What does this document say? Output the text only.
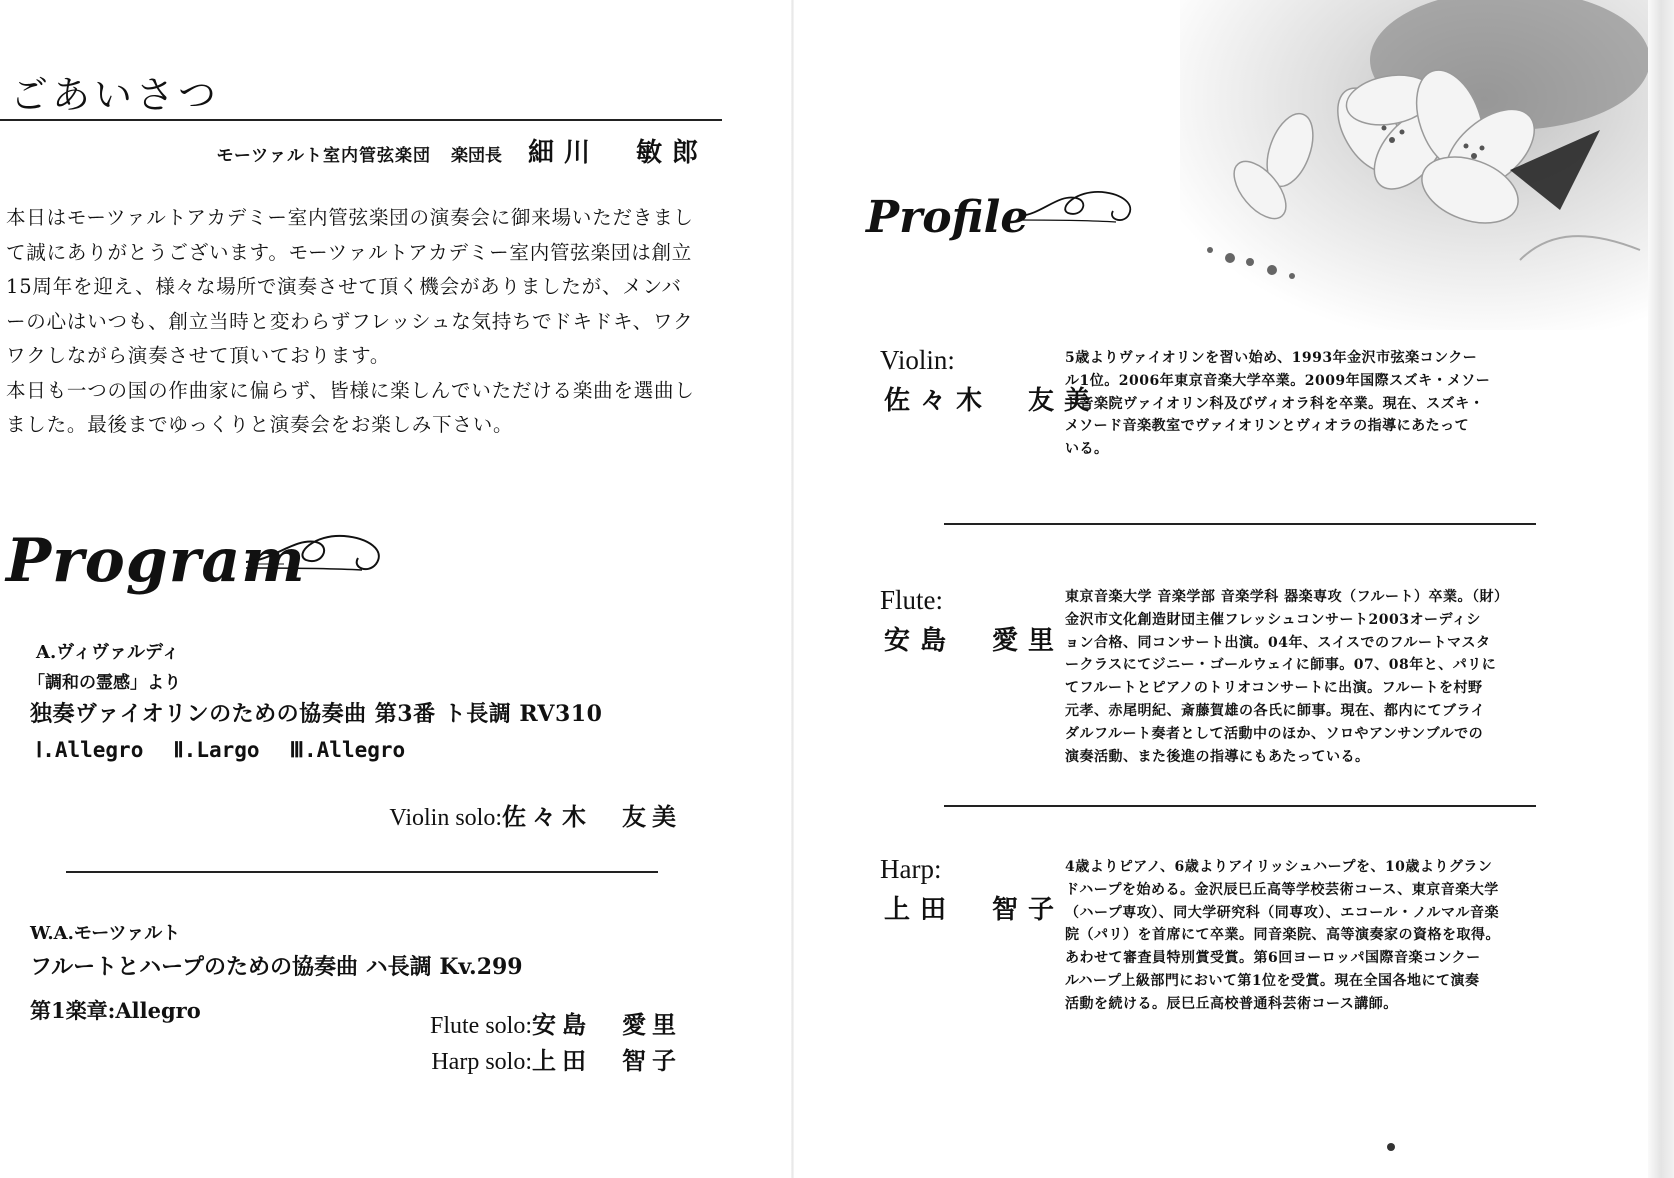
ごあいさつ
モーツァルト室内管弦楽団 楽団長 細川　敏郎

本日はモーツァルトアカデミー室内管弦楽団の演奏会に御来場いただきまし

て誠にありがとうございます。モーツァルトアカデミー室内管弦楽団は創立

15周年を迎え、様々な場所で演奏させて頂く機会がありましたが、メンバ

ーの心はいつも、創立当時と変わらずフレッシュな気持ちでドキドキ、ワク

ワクしながら演奏させて頂いております。

本日も一つの国の作曲家に偏らず、皆様に楽しんでいただける楽曲を選曲し

ました。最後までゆっくりと演奏会をお楽しみ下さい。

Program
A.ヴィヴァルディ
「調和の霊感」より
独奏ヴァイオリンのための協奏曲 第3番 ト長調 RV310
Ⅰ.Allegro Ⅱ.Largo Ⅲ.Allegro
Violin solo:佐々木　友美
W.A.モーツァルト
フルートとハープのための協奏曲 ハ長調 Kv.299
第1楽章:Allegro
Flute solo:安島　愛里
Harp solo:上田　智子
Profile
Violin:
佐々木　友美
5歳よりヴァイオリンを習い始め、1993年金沢市弦楽コンクー
ル1位。2006年東京音楽大学卒業。2009年国際スズキ・メソー
ド音楽院ヴァイオリン科及びヴィオラ科を卒業。現在、スズキ・
メソード音楽教室でヴァイオリンとヴィオラの指導にあたって
いる。
Flute:
安島　愛里
東京音楽大学 音楽学部 音楽学科 器楽専攻（フルート）卒業。（財）
金沢市文化創造財団主催フレッシュコンサート2003オーディシ
ョン合格、同コンサート出演。04年、スイスでのフルートマスタ
ークラスにてジニー・ゴールウェイに師事。07、08年と、パリに
てフルートとピアノのトリオコンサートに出演。フルートを村野
元孝、赤尾明紀、斎藤賀雄の各氏に師事。現在、都内にてブライ
ダルフルート奏者として活動中のほか、ソロやアンサンブルでの
演奏活動、また後進の指導にもあたっている。
Harp:
上田　智子
4歳よりピアノ、6歳よりアイリッシュハープを、10歳よりグラン
ドハープを始める。金沢辰巳丘高等学校芸術コース、東京音楽大学
（ハープ専攻）、同大学研究科（同専攻）、エコール・ノルマル音楽
院（パリ）を首席にて卒業。同音楽院、高等演奏家の資格を取得。
あわせて審査員特別賞受賞。第6回ヨーロッパ国際音楽コンクー
ルハープ上級部門において第1位を受賞。現在全国各地にて演奏
活動を続ける。辰巳丘高校普通科芸術コース講師。
